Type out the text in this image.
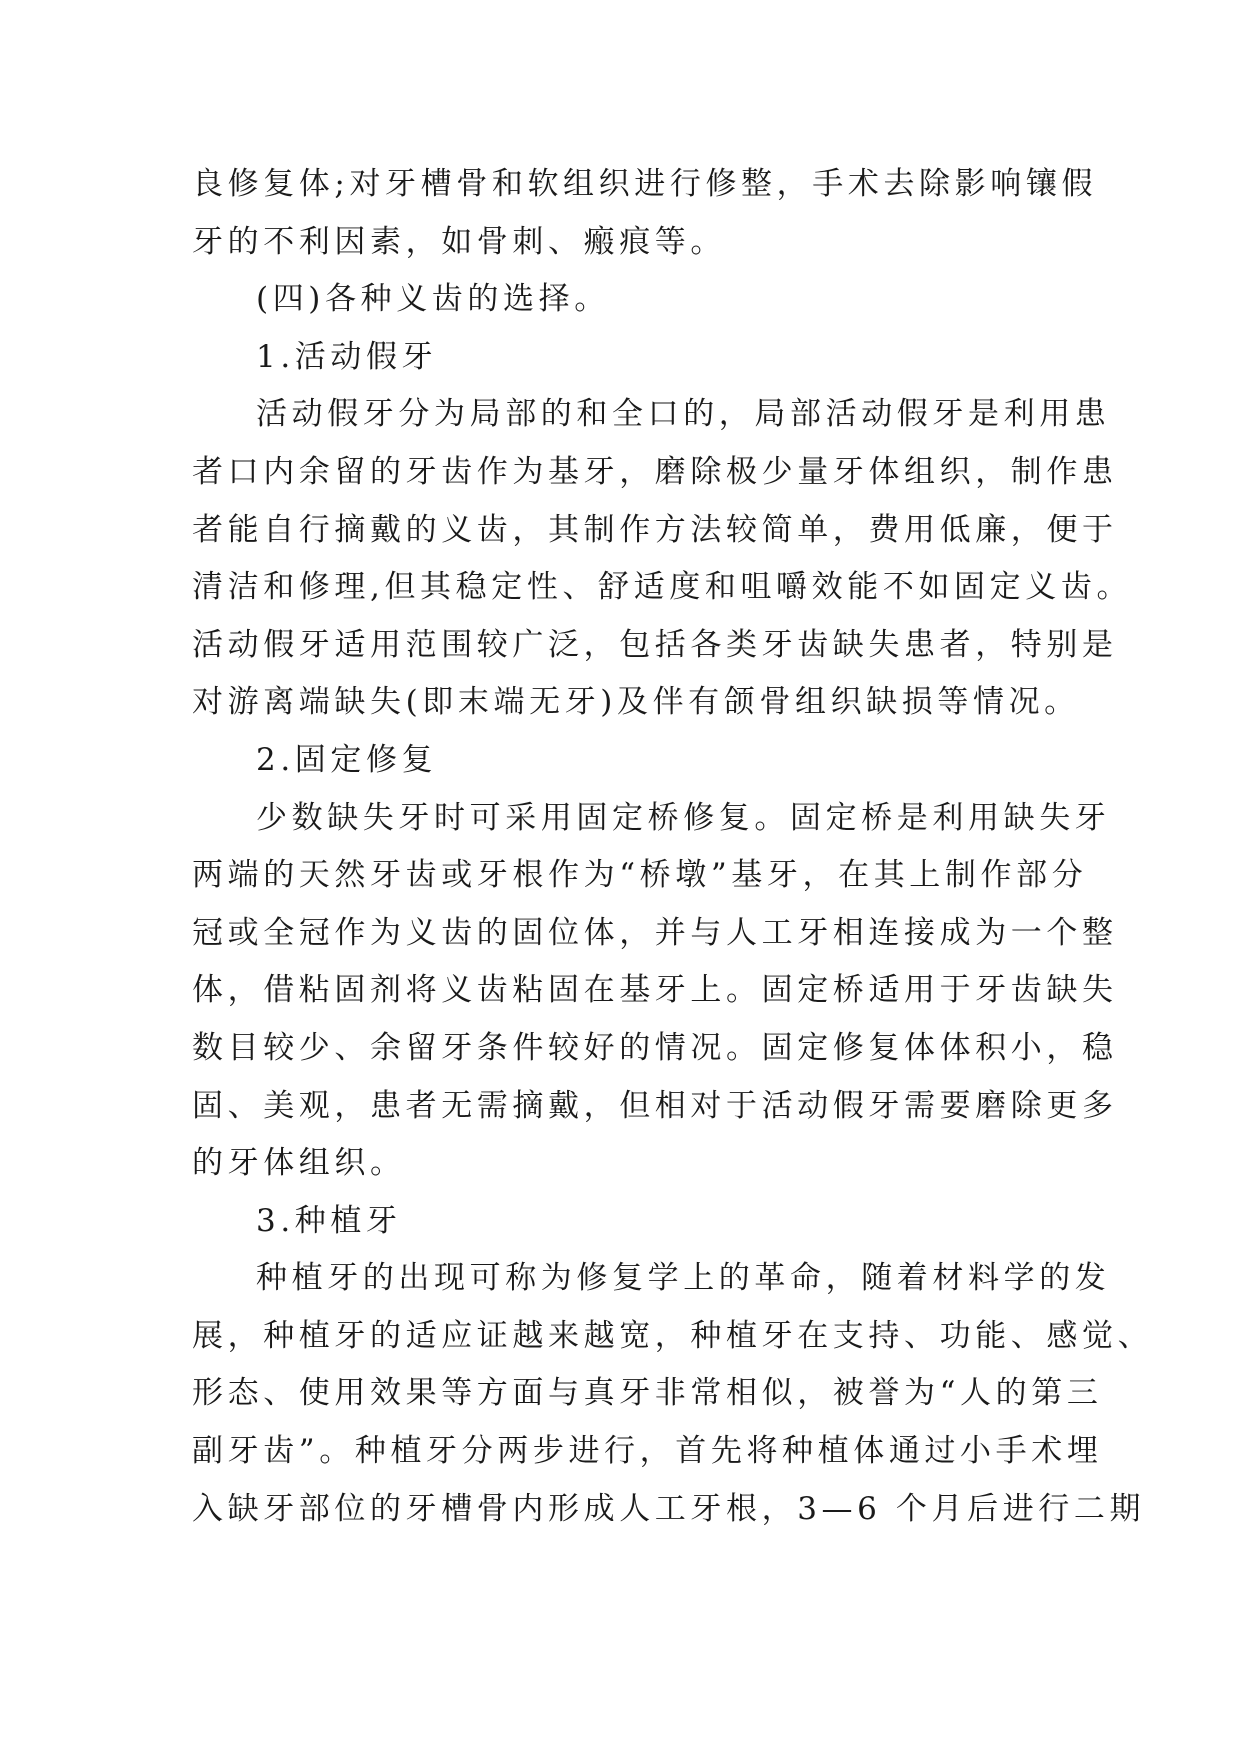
良修复体;对牙槽骨和软组织进行修整，手术去除影响镶假
牙的不利因素，如骨刺、瘢痕等。
(四)各种义齿的选择。
1.活动假牙
活动假牙分为局部的和全口的，局部活动假牙是利用患
者口内余留的牙齿作为基牙，磨除极少量牙体组织，制作患
者能自行摘戴的义齿，其制作方法较简单，费用低廉，便于
清洁和修理,但其稳定性、舒适度和咀嚼效能不如固定义齿。
活动假牙适用范围较广泛，包括各类牙齿缺失患者，特别是
对游离端缺失(即末端无牙)及伴有颌骨组织缺损等情况。
2.固定修复
少数缺失牙时可采用固定桥修复。固定桥是利用缺失牙
两端的天然牙齿或牙根作为“桥墩”基牙，在其上制作部分
冠或全冠作为义齿的固位体，并与人工牙相连接成为一个整
体，借粘固剂将义齿粘固在基牙上。固定桥适用于牙齿缺失
数目较少、余留牙条件较好的情况。固定修复体体积小，稳
固、美观，患者无需摘戴，但相对于活动假牙需要磨除更多
的牙体组织。
3.种植牙
种植牙的出现可称为修复学上的革命，随着材料学的发
展，种植牙的适应证越来越宽，种植牙在支持、功能、感觉、
形态、使用效果等方面与真牙非常相似，被誉为“人的第三
副牙齿”。种植牙分两步进行，首先将种植体通过小手术埋
入缺牙部位的牙槽骨内形成人工牙根，3—6 个月后进行二期
